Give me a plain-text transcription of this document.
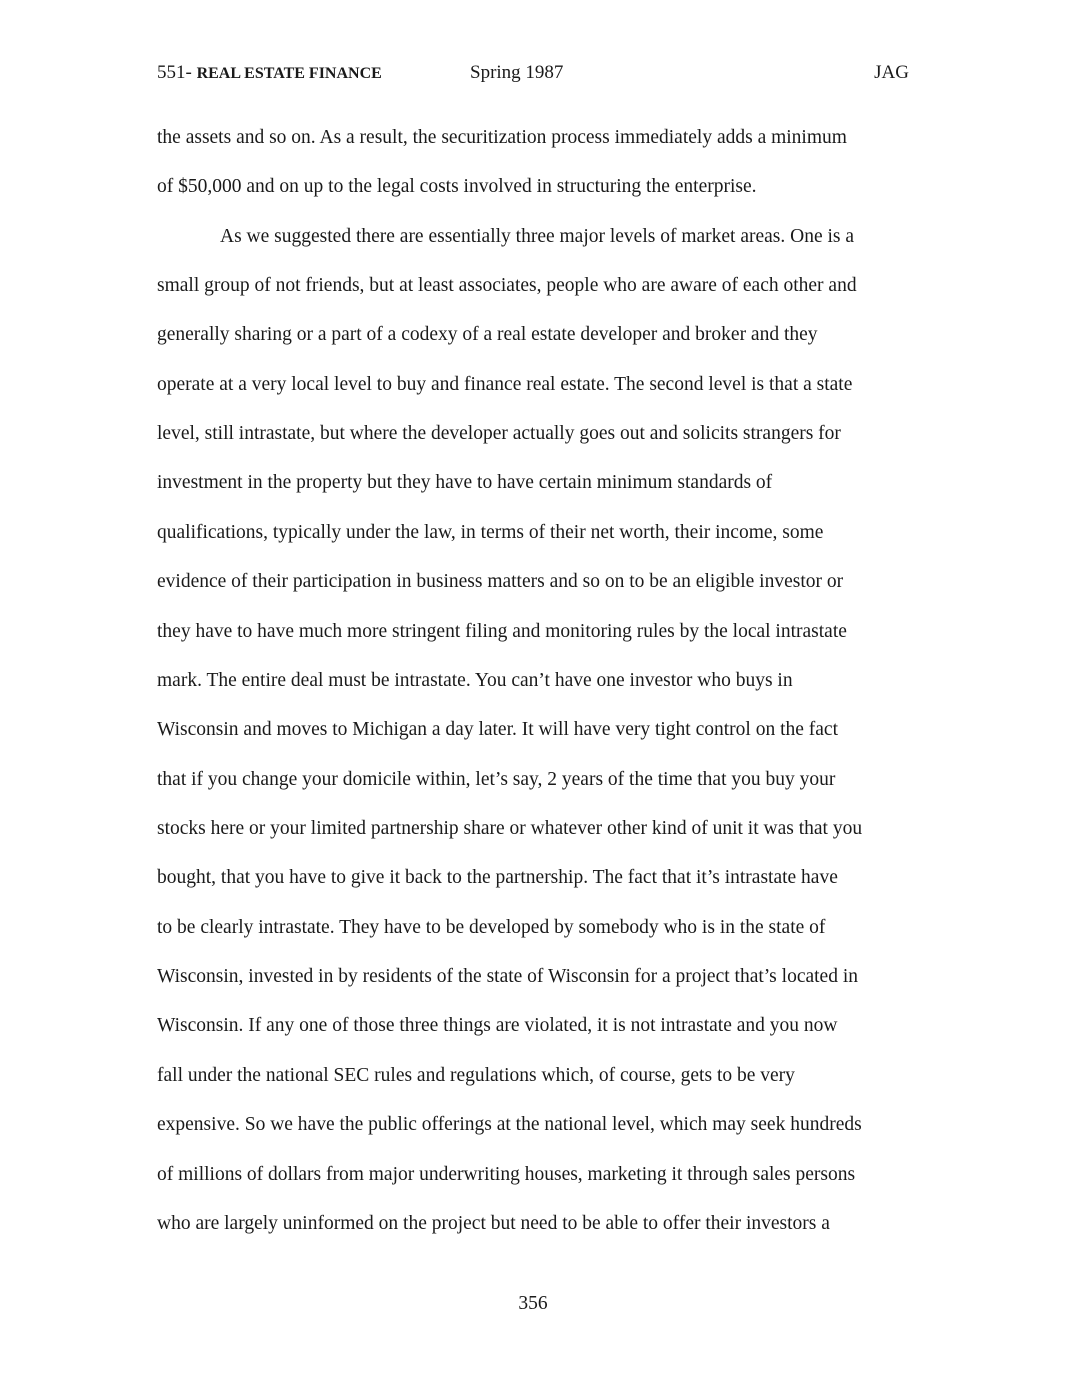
551- REAL ESTATE FINANCE	Spring 1987	JAG
the assets and so on. As a result, the securitization process immediately adds a minimum
of $50,000 and on up to the legal costs involved in structuring the enterprise.
As we suggested there are essentially three major levels of market areas. One is a
small group of not friends, but at least associates, people who are aware of each other and
generally sharing or a part of a codexy of a real estate developer and broker and they
operate at a very local level to buy and finance real estate. The second level is that a state
level, still intrastate, but where the developer actually goes out and solicits strangers for
investment in the property but they have to have certain minimum standards of
qualifications, typically under the law, in terms of their net worth, their income, some
evidence of their participation in business matters and so on to be an eligible investor or
they have to have much more stringent filing and monitoring rules by the local intrastate
mark. The entire deal must be intrastate. You can’t have one investor who buys in
Wisconsin and moves to Michigan a day later. It will have very tight control on the fact
that if you change your domicile within, let’s say, 2 years of the time that you buy your
stocks here or your limited partnership share or whatever other kind of unit it was that you
bought, that you have to give it back to the partnership. The fact that it’s intrastate have
to be clearly intrastate. They have to be developed by somebody who is in the state of
Wisconsin, invested in by residents of the state of Wisconsin for a project that’s located in
Wisconsin. If any one of those three things are violated, it is not intrastate and you now
fall under the national SEC rules and regulations which, of course, gets to be very
expensive. So we have the public offerings at the national level, which may seek hundreds
of millions of dollars from major underwriting houses, marketing it through sales persons
who are largely uninformed on the project but need to be able to offer their investors a
356
